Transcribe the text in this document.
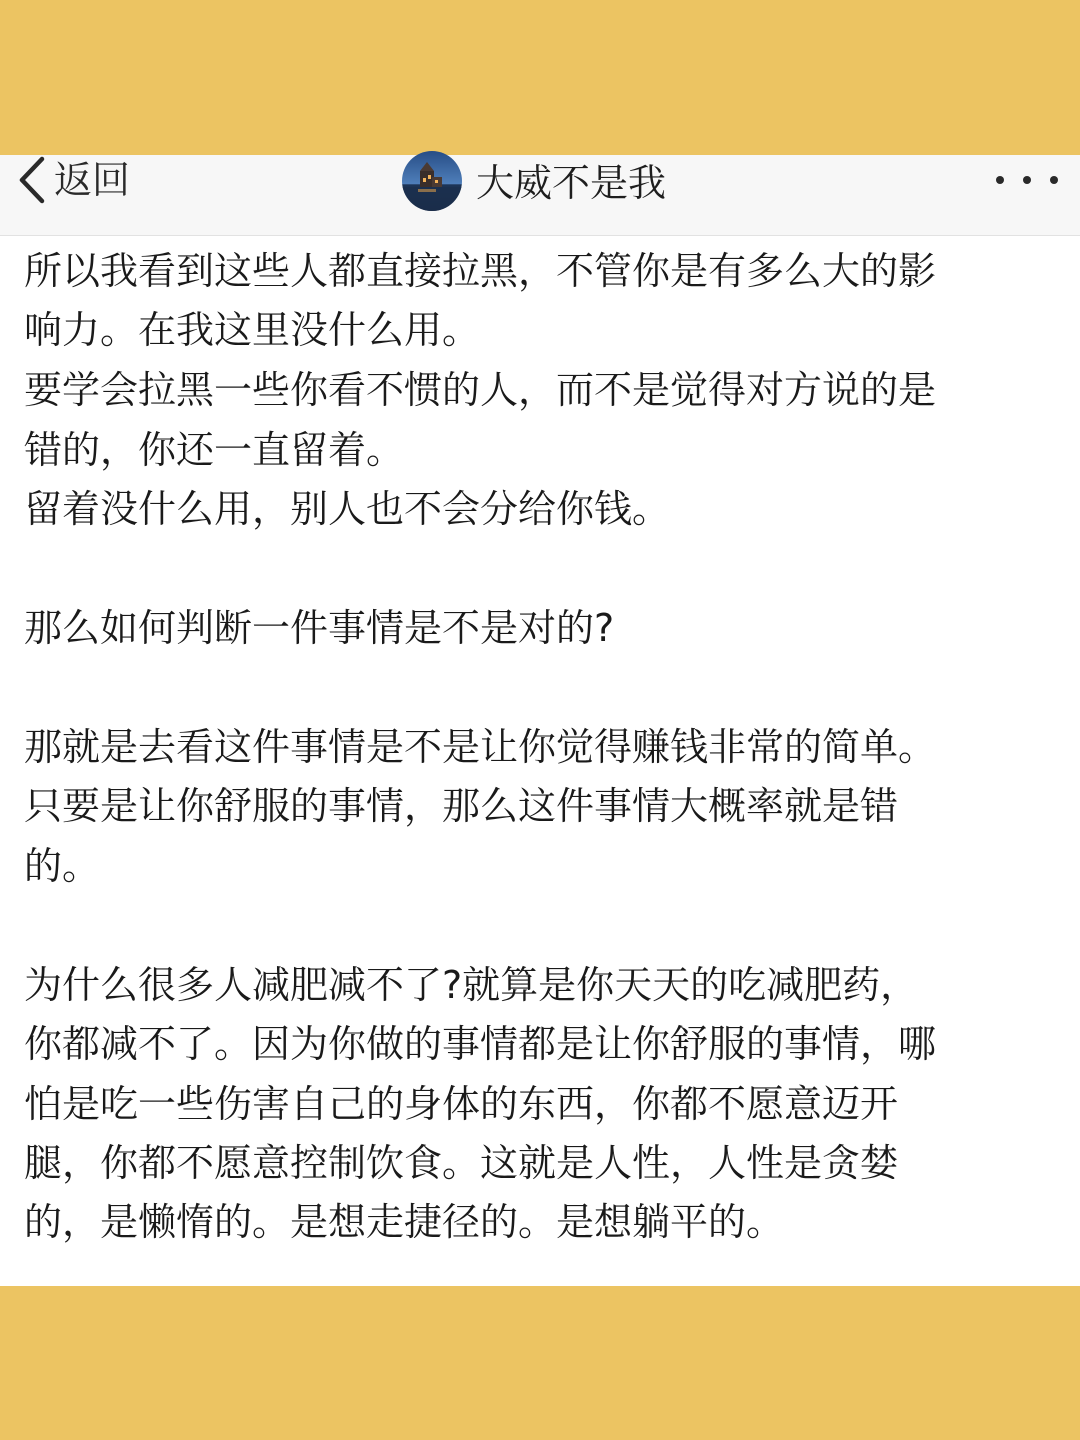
返回	大威不是我
所以我看到这些人都直接拉黑，不管你是有多么大的影
响力。在我这里没什么用。
要学会拉黑一些你看不惯的人，而不是觉得对方说的是
错的，你还一直留着。
留着没什么用，别人也不会分给你钱。
那么如何判断一件事情是不是对的?
那就是去看这件事情是不是让你觉得赚钱非常的简单。
只要是让你舒服的事情，那么这件事情大概率就是错
的。
为什么很多人减肥减不了?就算是你天天的吃减肥药，
你都减不了。因为你做的事情都是让你舒服的事情，哪
怕是吃一些伤害自己的身体的东西，你都不愿意迈开
腿，你都不愿意控制饮食。这就是人性，人性是贪婪
的，是懒惰的。是想走捷径的。是想躺平的。
